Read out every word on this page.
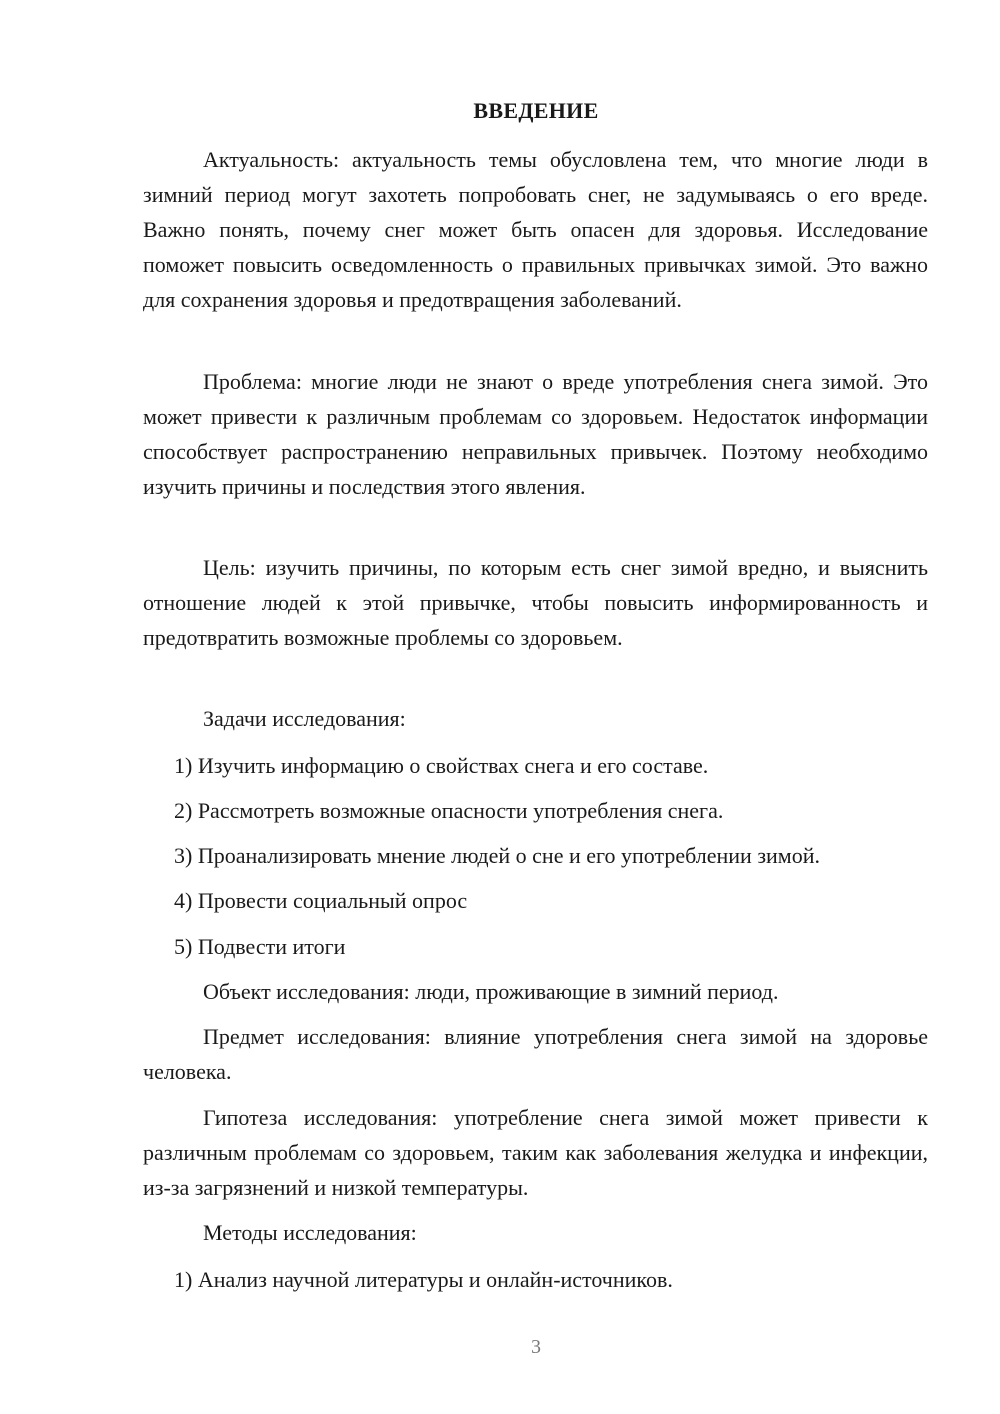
ВВЕДЕНИЕ

Актуальность: актуальность темы обусловлена тем, что многие люди в зимний период могут захотеть попробовать снег, не задумываясь о его вреде. Важно понять, почему снег может быть опасен для здоровья. Исследование поможет повысить осведомленность о правильных привычках зимой. Это важно для сохранения здоровья и предотвращения заболеваний.

Проблема: многие люди не знают о вреде употребления снега зимой. Это может привести к различным проблемам со здоровьем. Недостаток информации способствует распространению неправильных привычек. Поэтому необходимо изучить причины и последствия этого явления.

Цель: изучить причины, по которым есть снег зимой вредно, и выяснить отношение людей к этой привычке, чтобы повысить информированность и предотвратить возможные проблемы со здоровьем.

Задачи исследования:

1) Изучить информацию о свойствах снега и его составе.

2) Рассмотреть возможные опасности употребления снега.

3) Проанализировать мнение людей о сне и его употреблении зимой.

4) Провести социальный опрос

5) Подвести итоги

Объект исследования: люди, проживающие в зимний период.

Предмет исследования: влияние употребления снега зимой на здоровье человека.

Гипотеза исследования: употребление снега зимой может привести к различным проблемам со здоровьем, таким как заболевания желудка и инфекции, из-за загрязнений и низкой температуры.

Методы исследования:

1) Анализ научной литературы и онлайн-источников.

3
